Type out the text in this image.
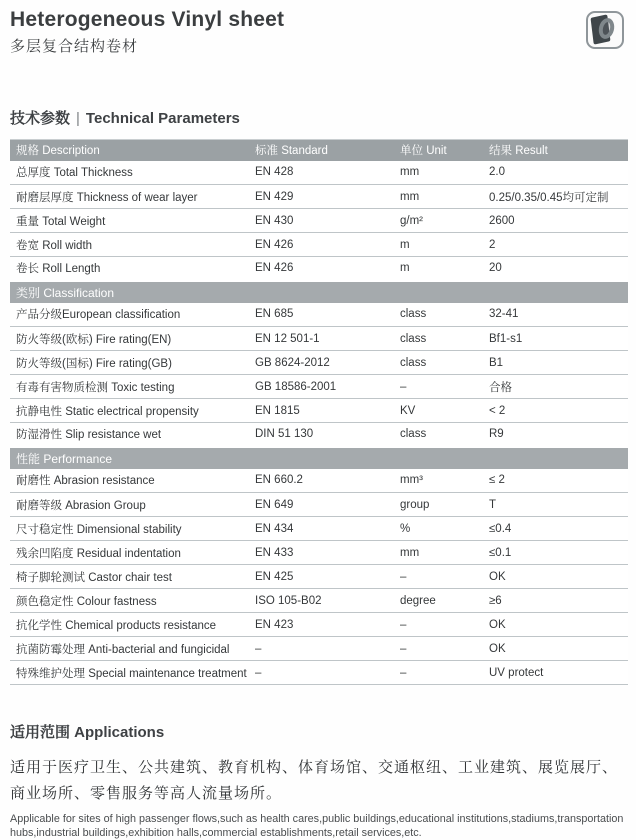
Heterogeneous Vinyl sheet
多层复合结构卷材
技术参数 | Technical Parameters
规格 Description	标准 Standard	单位 Unit	结果 Result
总厚度 Total Thickness	EN 428	mm	2.0
耐磨层厚度 Thickness of wear layer	EN 429	mm	0.25/0.35/0.45均可定制
重量 Total Weight	EN 430	g/m²	2600
卷宽 Roll width	EN 426	m	2
卷长 Roll Length	EN 426	m	20
类别 Classification			
产品分级European classification	EN 685	class	32-41
防火等级(欧标) Fire rating(EN)	EN 12 501-1	class	Bf1-s1
防火等级(国标) Fire rating(GB)	GB 8624-2012	class	B1
有毒有害物质检测 Toxic testing	GB 18586-2001	–	合格
抗静电性 Static electrical propensity	EN 1815	KV	< 2
防湿滑性 Slip resistance wet	DIN 51 130	class	R9
性能 Performance			
耐磨性 Abrasion resistance	EN 660.2	mm³	≤ 2
耐磨等级 Abrasion Group	EN 649	group	T
尺寸稳定性 Dimensional stability	EN 434	%	≤0.4
残余凹陷度 Residual indentation	EN 433	mm	≤0.1
椅子脚轮测试 Castor chair test	EN 425	–	OK
颜色稳定性 Colour fastness	ISO 105-B02	degree	≥6
抗化学性 Chemical products resistance	EN 423	–	OK
抗菌防霉处理 Anti-bacterial and fungicidal	–	–	OK
特殊维护处理 Special maintenance treatment	–	–	UV protect
适用范围 Applications

适用于医疗卫生、公共建筑、教育机构、体育场馆、交通枢纽、工业建筑、展览展厅、商业场所、零售服务等高人流量场所。

Applicable for sites of high passenger flows,such as health cares,public buildings,educational institutions,stadiums,transportation hubs,industrial buildings,exhibition halls,commercial establishments,retail services,etc.
